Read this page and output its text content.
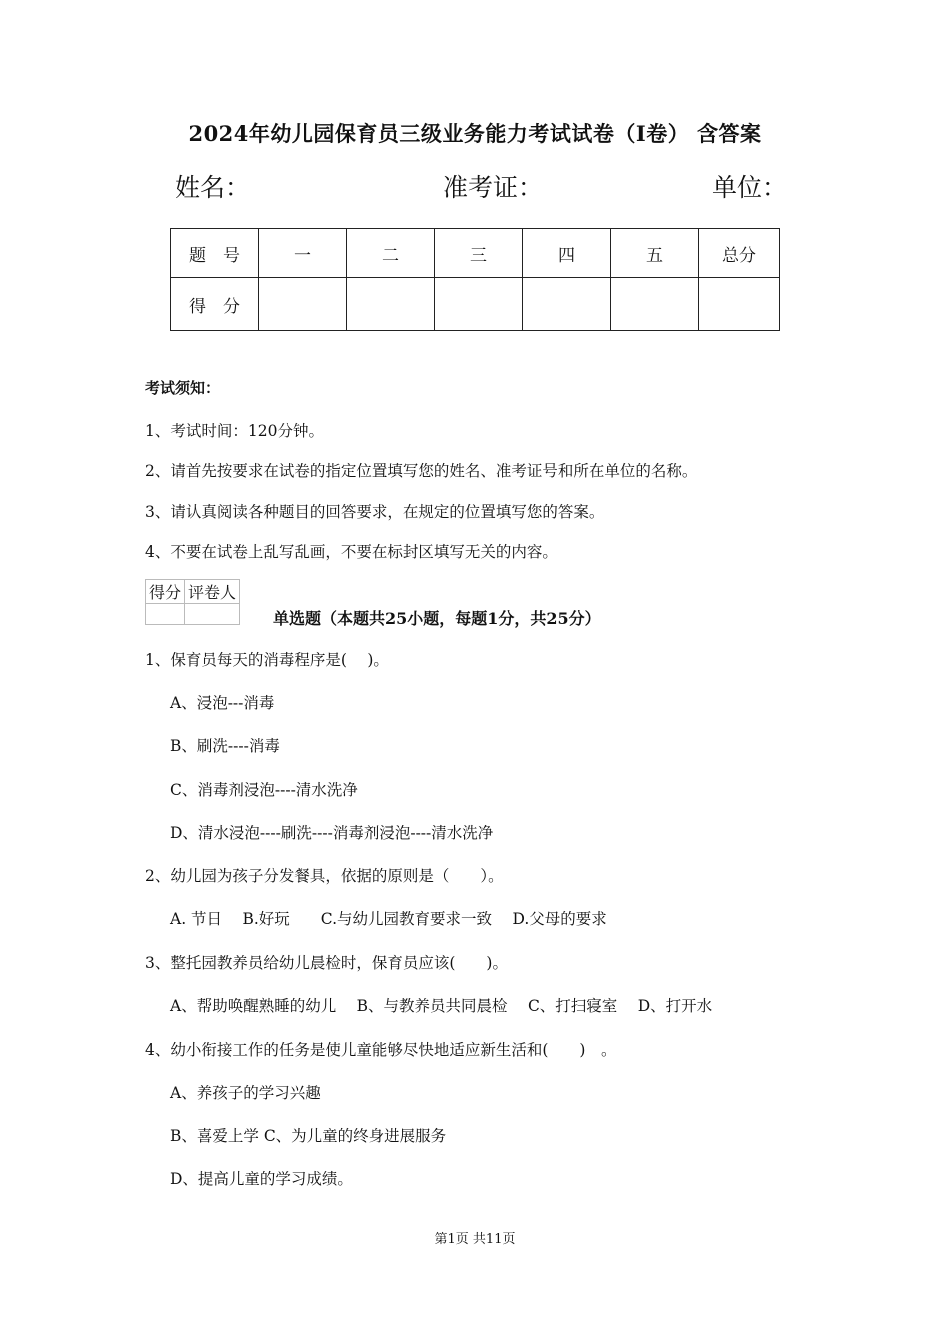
2024年幼儿园保育员三级业务能力考试试卷（I卷） 含答案
姓名：	准考证：	单位：
题　号	一	二	三	四	五	总分
得　分						
考试须知：
1、考试时间：120分钟。
2、请首先按要求在试卷的指定位置填写您的姓名、准考证号和所在单位的名称。
3、请认真阅读各种题目的回答要求，在规定的位置填写您的答案。
4、不要在试卷上乱写乱画，不要在标封区填写无关的内容。
得分	评卷人

单选题（本题共25小题，每题1分，共25分）
1、保育员每天的消毒程序是(　 )。
A、浸泡---消毒
B、刷洗----消毒
C、消毒剂浸泡----清水洗净
D、清水浸泡----刷洗----消毒剂浸泡----清水洗净
2、幼儿园为孩子分发餐具，依据的原则是（　　）。
A. 节日　 B.好玩　　C.与幼儿园教育要求一致　 D.父母的要求
3、整托园教养员给幼儿晨检时，保育员应该(　　)。
A、帮助唤醒熟睡的幼儿　 B、与教养员共同晨检　 C、打扫寝室　 D、打开水
4、幼小衔接工作的任务是使儿童能够尽快地适应新生活和(　　)　。
A、养孩子的学习兴趣
B、喜爱上学 C、为儿童的终身进展服务
D、提高儿童的学习成绩。
第1页 共11页
